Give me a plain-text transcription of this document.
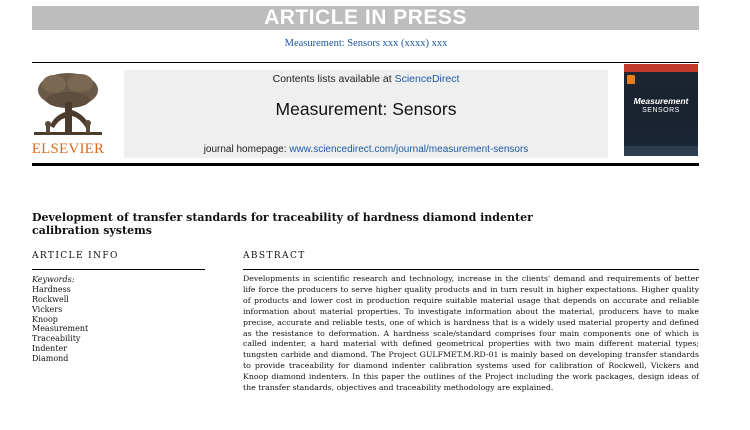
ARTICLE IN PRESS
Measurement: Sensors xxx (xxxx) xxx
ELSEVIER
Contents lists available at ScienceDirect
Measurement: Sensors
journal homepage: www.sciencedirect.com/journal/measurement-sensors
Measurement
SENSORS
Development of transfer standards for traceability of hardness diamond indenter calibration systems
ARTICLE INFO	ABSTRACT
Keywords:
Hardness
Rockwell
Vickers
Knoop
Measurement
Traceability
Indenter
Diamond
Developments in scientific research and technology, increase in the clients' demand and requirements of better life force the producers to serve higher quality products and in turn result in higher expectations. Higher quality of products and lower cost in production require suitable material usage that depends on accurate and reliable information about material properties. To investigate information about the material, producers have to make precise, accurate and reliable tests, one of which is hardness that is a widely used material property and defined as the resistance to deformation. A hardness scale/standard comprises four main components one of which is called indenter, a hard material with defined geometrical properties with two main different material types; tungsten carbide and diamond. The Project GULFMET.M.RD-01 is mainly based on developing transfer standards to provide traceability for diamond indenter calibration systems used for calibration of Rockwell, Vickers and Knoop diamond indenters. In this paper the outlines of the Project including the work packages, design ideas of the transfer standards, objectives and traceability methodology are explained.
